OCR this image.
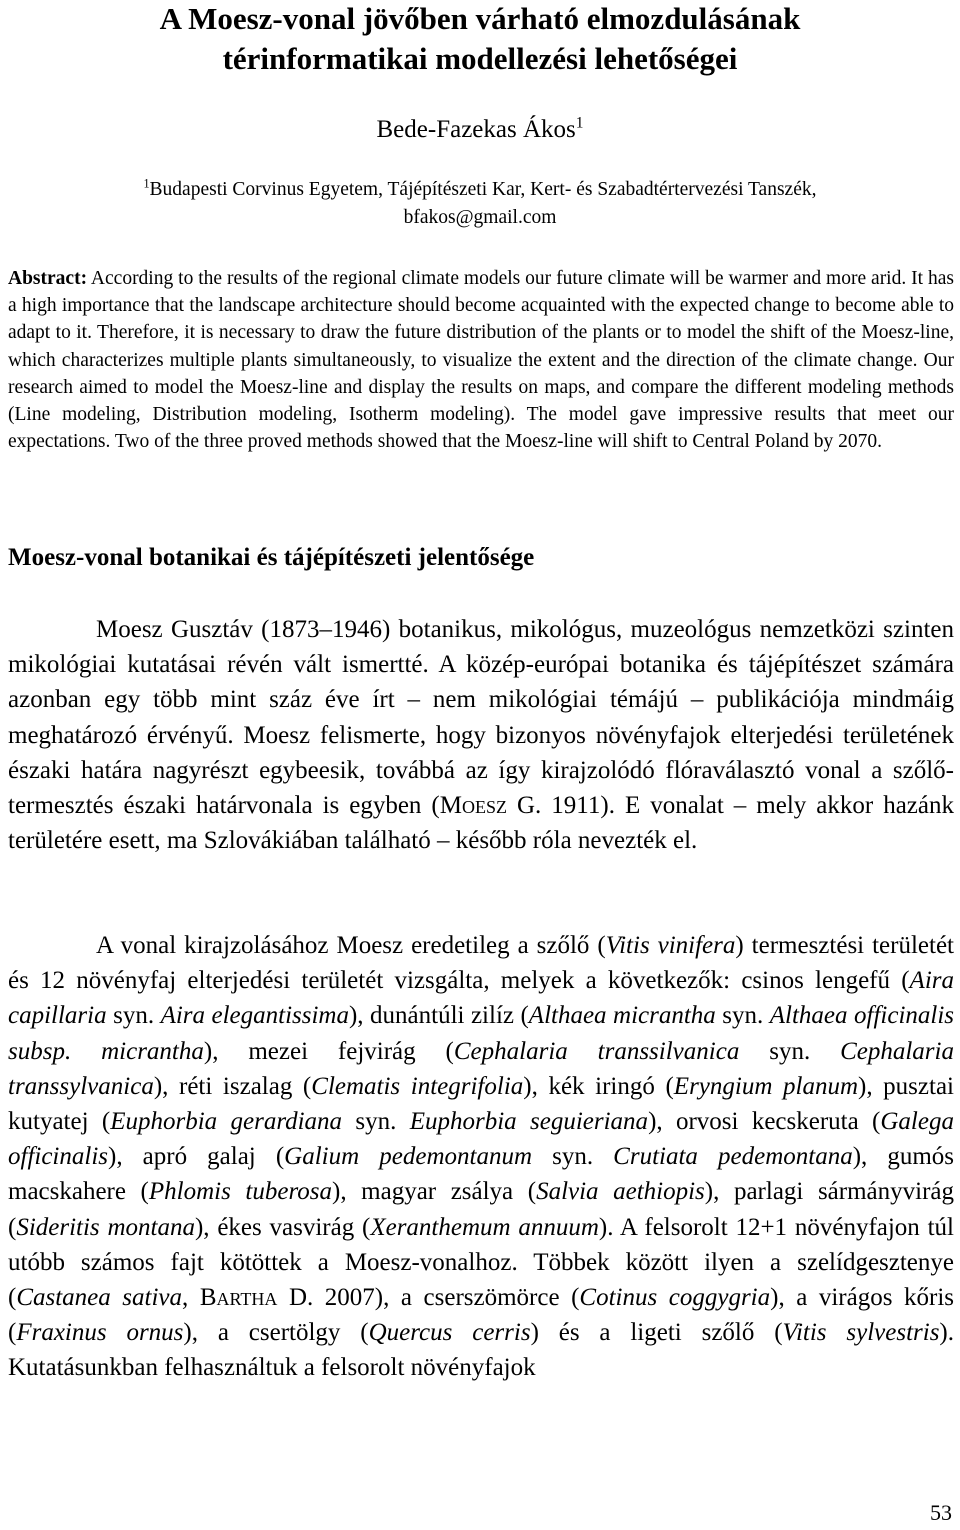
A Moesz-vonal jövőben várható elmozdulásának
térinformatikai modellezési lehetőségei

Bede-Fazekas Ákos$^1$

$^1$Budapesti Corvinus Egyetem, Tájépítészeti Kar, Kert- és Szabadtértervezési Tanszék,

bfakos@gmail.com

Abstract: According to the results of the regional climate models our future climate will be warmer and more arid. It has a high importance that the landscape architecture should become acquainted with the expected change to become able to adapt to it. Therefore, it is necessary to draw the future distribution of the plants or to model the shift of the Moesz-line, which characterizes multiple plants simultaneously, to visualize the extent and the direction of the climate change. Our research aimed to model the Moesz-line and display the results on maps, and compare the different modeling methods (Line modeling, Distribution modeling, Isotherm modeling). The model gave impressive results that meet our expectations. Two of the three proved methods showed that the Moesz-line will shift to Central Poland by 2070.

Moesz-vonal botanikai és tájépítészeti jelentősége

Moesz Gusztáv (1873–1946) botanikus, mikológus, muzeológus nemzetközi szinten mikológiai kutatásai révén vált ismertté. A közép-európai botanika és tájépítészet számára azonban egy több mint száz éve írt – nem mikológiai témájú – publikációja mindmáig meghatározó érvényű. Moesz felismerte, hogy bizonyos növényfajok elterjedési területének északi határa nagyrészt egybeesik, továbbá az így kirajzolódó flóraválasztó vonal a szőlőtermesztés északi határvonala is egyben (Moesz G. 1911). E vonalat – mely akkor hazánk területére esett, ma Szlovákiában található – később róla nevezték el.

A vonal kirajzolásához Moesz eredetileg a szőlő (Vitis vinifera) termesztési területét és 12 növényfaj elterjedési területét vizsgálta, melyek a következők: csinos lengefű (Aira capillaria syn. Aira elegantissima), dunántúli zilíz (Althaea micrantha syn. Althaea officinalis subsp. micrantha), mezei fejvirág (Cephalaria transsilvanica syn. Cephalaria transsylvanica), réti iszalag (Clematis integrifolia), kék iringó (Eryngium planum), pusztai kutyatej (Euphorbia gerardiana syn. Euphorbia seguieriana), orvosi kecskeruta (Galega officinalis), apró galaj (Galium pedemontanum syn. Crutiata pedemontana), gumós macskahere (Phlomis tuberosa), magyar zsálya (Salvia aethiopis), parlagi sármányvirág (Sideritis montana), ékes vasvirág (Xeranthemum annuum). A felsorolt 12+1 növényfajon túl utóbb számos fajt kötöttek a Moesz-vonalhoz. Többek között ilyen a szelídgesztenye (Castanea sativa, Bartha D. 2007), a cserszömörce (Cotinus coggygria), a virágos kőris (Fraxinus ornus), a csertölgy (Quercus cerris) és a ligeti szőlő (Vitis sylvestris). Kutatásunkban felhasználtuk a felsorolt növényfajok

53
